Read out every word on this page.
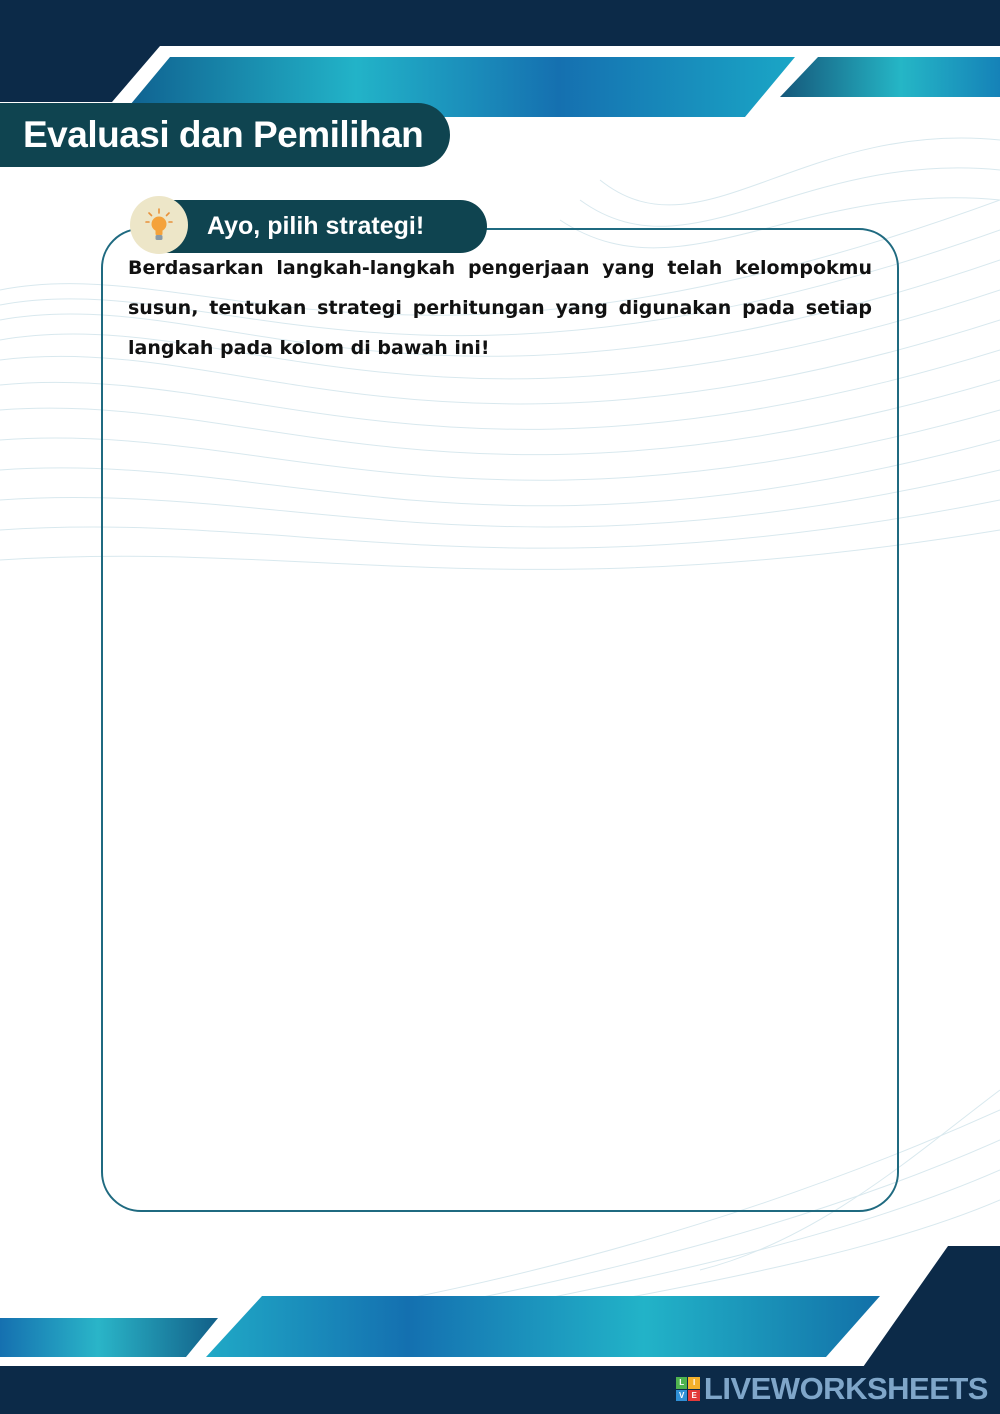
Evaluasi dan Pemilihan
Ayo, pilih strategi!

Berdasarkan langkah-langkah pengerjaan yang telah kelompokmu susun, tentukan strategi perhitungan yang digunakan pada setiap langkah pada kolom di bawah ini!

L	I
V E LIVEWORKSHEETS
